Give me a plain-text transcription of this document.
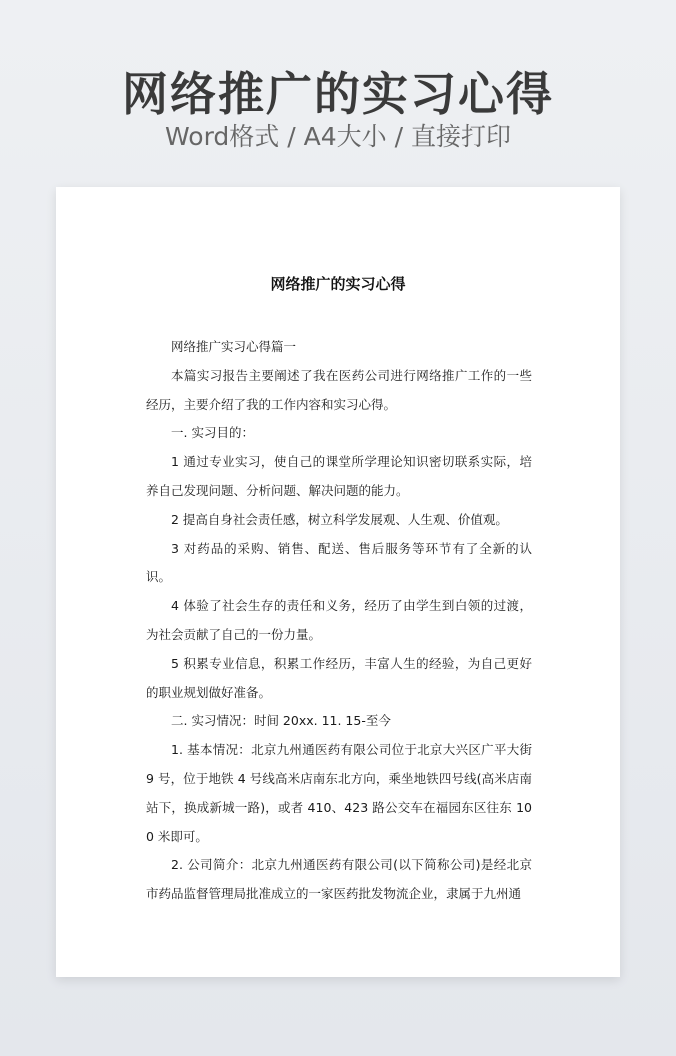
网络推广的实习心得
Word格式 / A4大小 / 直接打印
网络推广的实习心得

网络推广实习心得篇一

本篇实习报告主要阐述了我在医药公司进行网络推广工作的一些经历，主要介绍了我的工作内容和实习心得。

一. 实习目的：

1 通过专业实习，使自己的课堂所学理论知识密切联系实际，培养自己发现问题、分析问题、解决问题的能力。

2 提高自身社会责任感，树立科学发展观、人生观、价值观。

3 对药品的采购、销售、配送、售后服务等环节有了全新的认识。

4 体验了社会生存的责任和义务，经历了由学生到白领的过渡，为社会贡献了自己的一份力量。

5 积累专业信息，积累工作经历，丰富人生的经验，为自己更好的职业规划做好准备。

二. 实习情况：时间 20xx. 11. 15-至今

1. 基本情况：北京九州通医药有限公司位于北京大兴区广平大街 9 号，位于地铁 4 号线高米店南东北方向，乘坐地铁四号线(高米店南站下，换成新城一路)，或者 410、423 路公交车在福园东区往东 100 米即可。

2. 公司简介：北京九州通医药有限公司(以下简称公司)是经北京市药品监督管理局批准成立的一家医药批发物流企业，隶属于九州通
